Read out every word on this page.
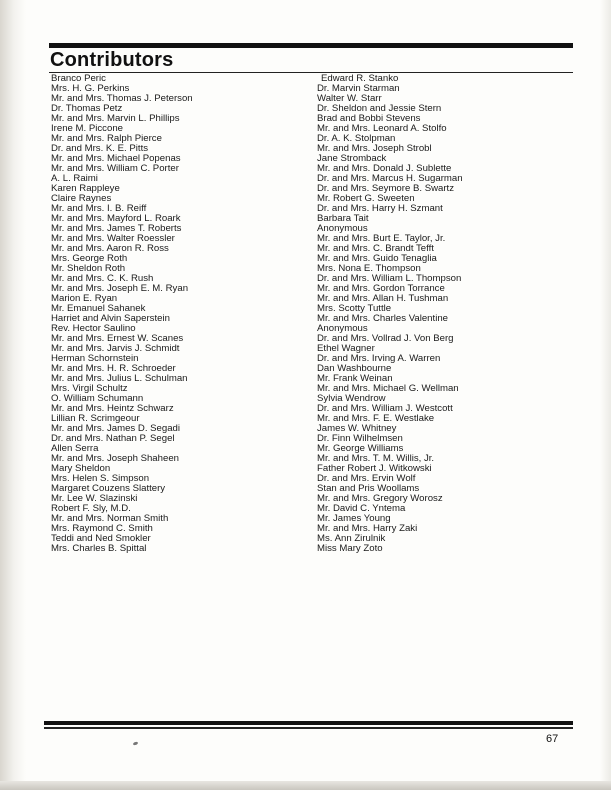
Contributors
Branco Peric
Mrs. H. G. Perkins
Mr. and Mrs. Thomas J. Peterson
Dr. Thomas Petz
Mr. and Mrs. Marvin L. Phillips
Irene M. Piccone
Mr. and Mrs. Ralph Pierce
Dr. and Mrs. K. E. Pitts
Mr. and Mrs. Michael Popenas
Mr. and Mrs. William C. Porter
A. L. Raimi
Karen Rappleye
Claire Raynes
Mr. and Mrs. I. B. Reiff
Mr. and Mrs. Mayford L. Roark
Mr. and Mrs. James T. Roberts
Mr. and Mrs. Walter Roessler
Mr. and Mrs. Aaron R. Ross
Mrs. George Roth
Mr. Sheldon Roth
Mr. and Mrs. C. K. Rush
Mr. and Mrs. Joseph E. M. Ryan
Marion E. Ryan
Mr. Emanuel Sahanek
Harriet and Alvin Saperstein
Rev. Hector Saulino
Mr. and Mrs. Ernest W. Scanes
Mr. and Mrs. Jarvis J. Schmidt
Herman Schornstein
Mr. and Mrs. H. R. Schroeder
Mr. and Mrs. Julius L. Schulman
Mrs. Virgil Schultz
O. William Schumann
Mr. and Mrs. Heintz Schwarz
Lillian R. Scrimgeour
Mr. and Mrs. James D. Segadi
Dr. and Mrs. Nathan P. Segel
Allen Serra
Mr. and Mrs. Joseph Shaheen
Mary Sheldon
Mrs. Helen S. Simpson
Margaret Couzens Slattery
Mr. Lee W. Slazinski
Robert F. Sly, M.D.
Mr. and Mrs. Norman Smith
Mrs. Raymond C. Smith
Teddi and Ned Smokler
Mrs. Charles B. Spittal
Edward R. Stanko
Dr. Marvin Starman
Walter W. Starr
Dr. Sheldon and Jessie Stern
Brad and Bobbi Stevens
Mr. and Mrs. Leonard A. Stolfo
Dr. A. K. Stolpman
Mr. and Mrs. Joseph Strobl
Jane Stromback
Mr. and Mrs. Donald J. Sublette
Dr. and Mrs. Marcus H. Sugarman
Dr. and Mrs. Seymore B. Swartz
Mr. Robert G. Sweeten
Dr. and Mrs. Harry H. Szmant
Barbara Tait
Anonymous
Mr. and Mrs. Burt E. Taylor, Jr.
Mr. and Mrs. C. Brandt Tefft
Mr. and Mrs. Guido Tenaglia
Mrs. Nona E. Thompson
Dr. and Mrs. William L. Thompson
Mr. and Mrs. Gordon Torrance
Mr. and Mrs. Allan H. Tushman
Mrs. Scotty Tuttle
Mr. and Mrs. Charles Valentine
Anonymous
Dr. and Mrs. Vollrad J. Von Berg
Ethel Wagner
Dr. and Mrs. Irving A. Warren
Dan Washbourne
Mr. Frank Weinan
Mr. and Mrs. Michael G. Wellman
Sylvia Wendrow
Dr. and Mrs. William J. Westcott
Mr. and Mrs. F. E. Westlake
James W. Whitney
Dr. Finn Wilhelmsen
Mr. George Williams
Mr. and Mrs. T. M. Willis, Jr.
Father Robert J. Witkowski
Dr. and Mrs. Ervin Wolf
Stan and Pris Woollams
Mr. and Mrs. Gregory Worosz
Mr. David C. Yntema
Mr. James Young
Mr. and Mrs. Harry Zaki
Ms. Ann Zirulnik
Miss Mary Zoto
67
